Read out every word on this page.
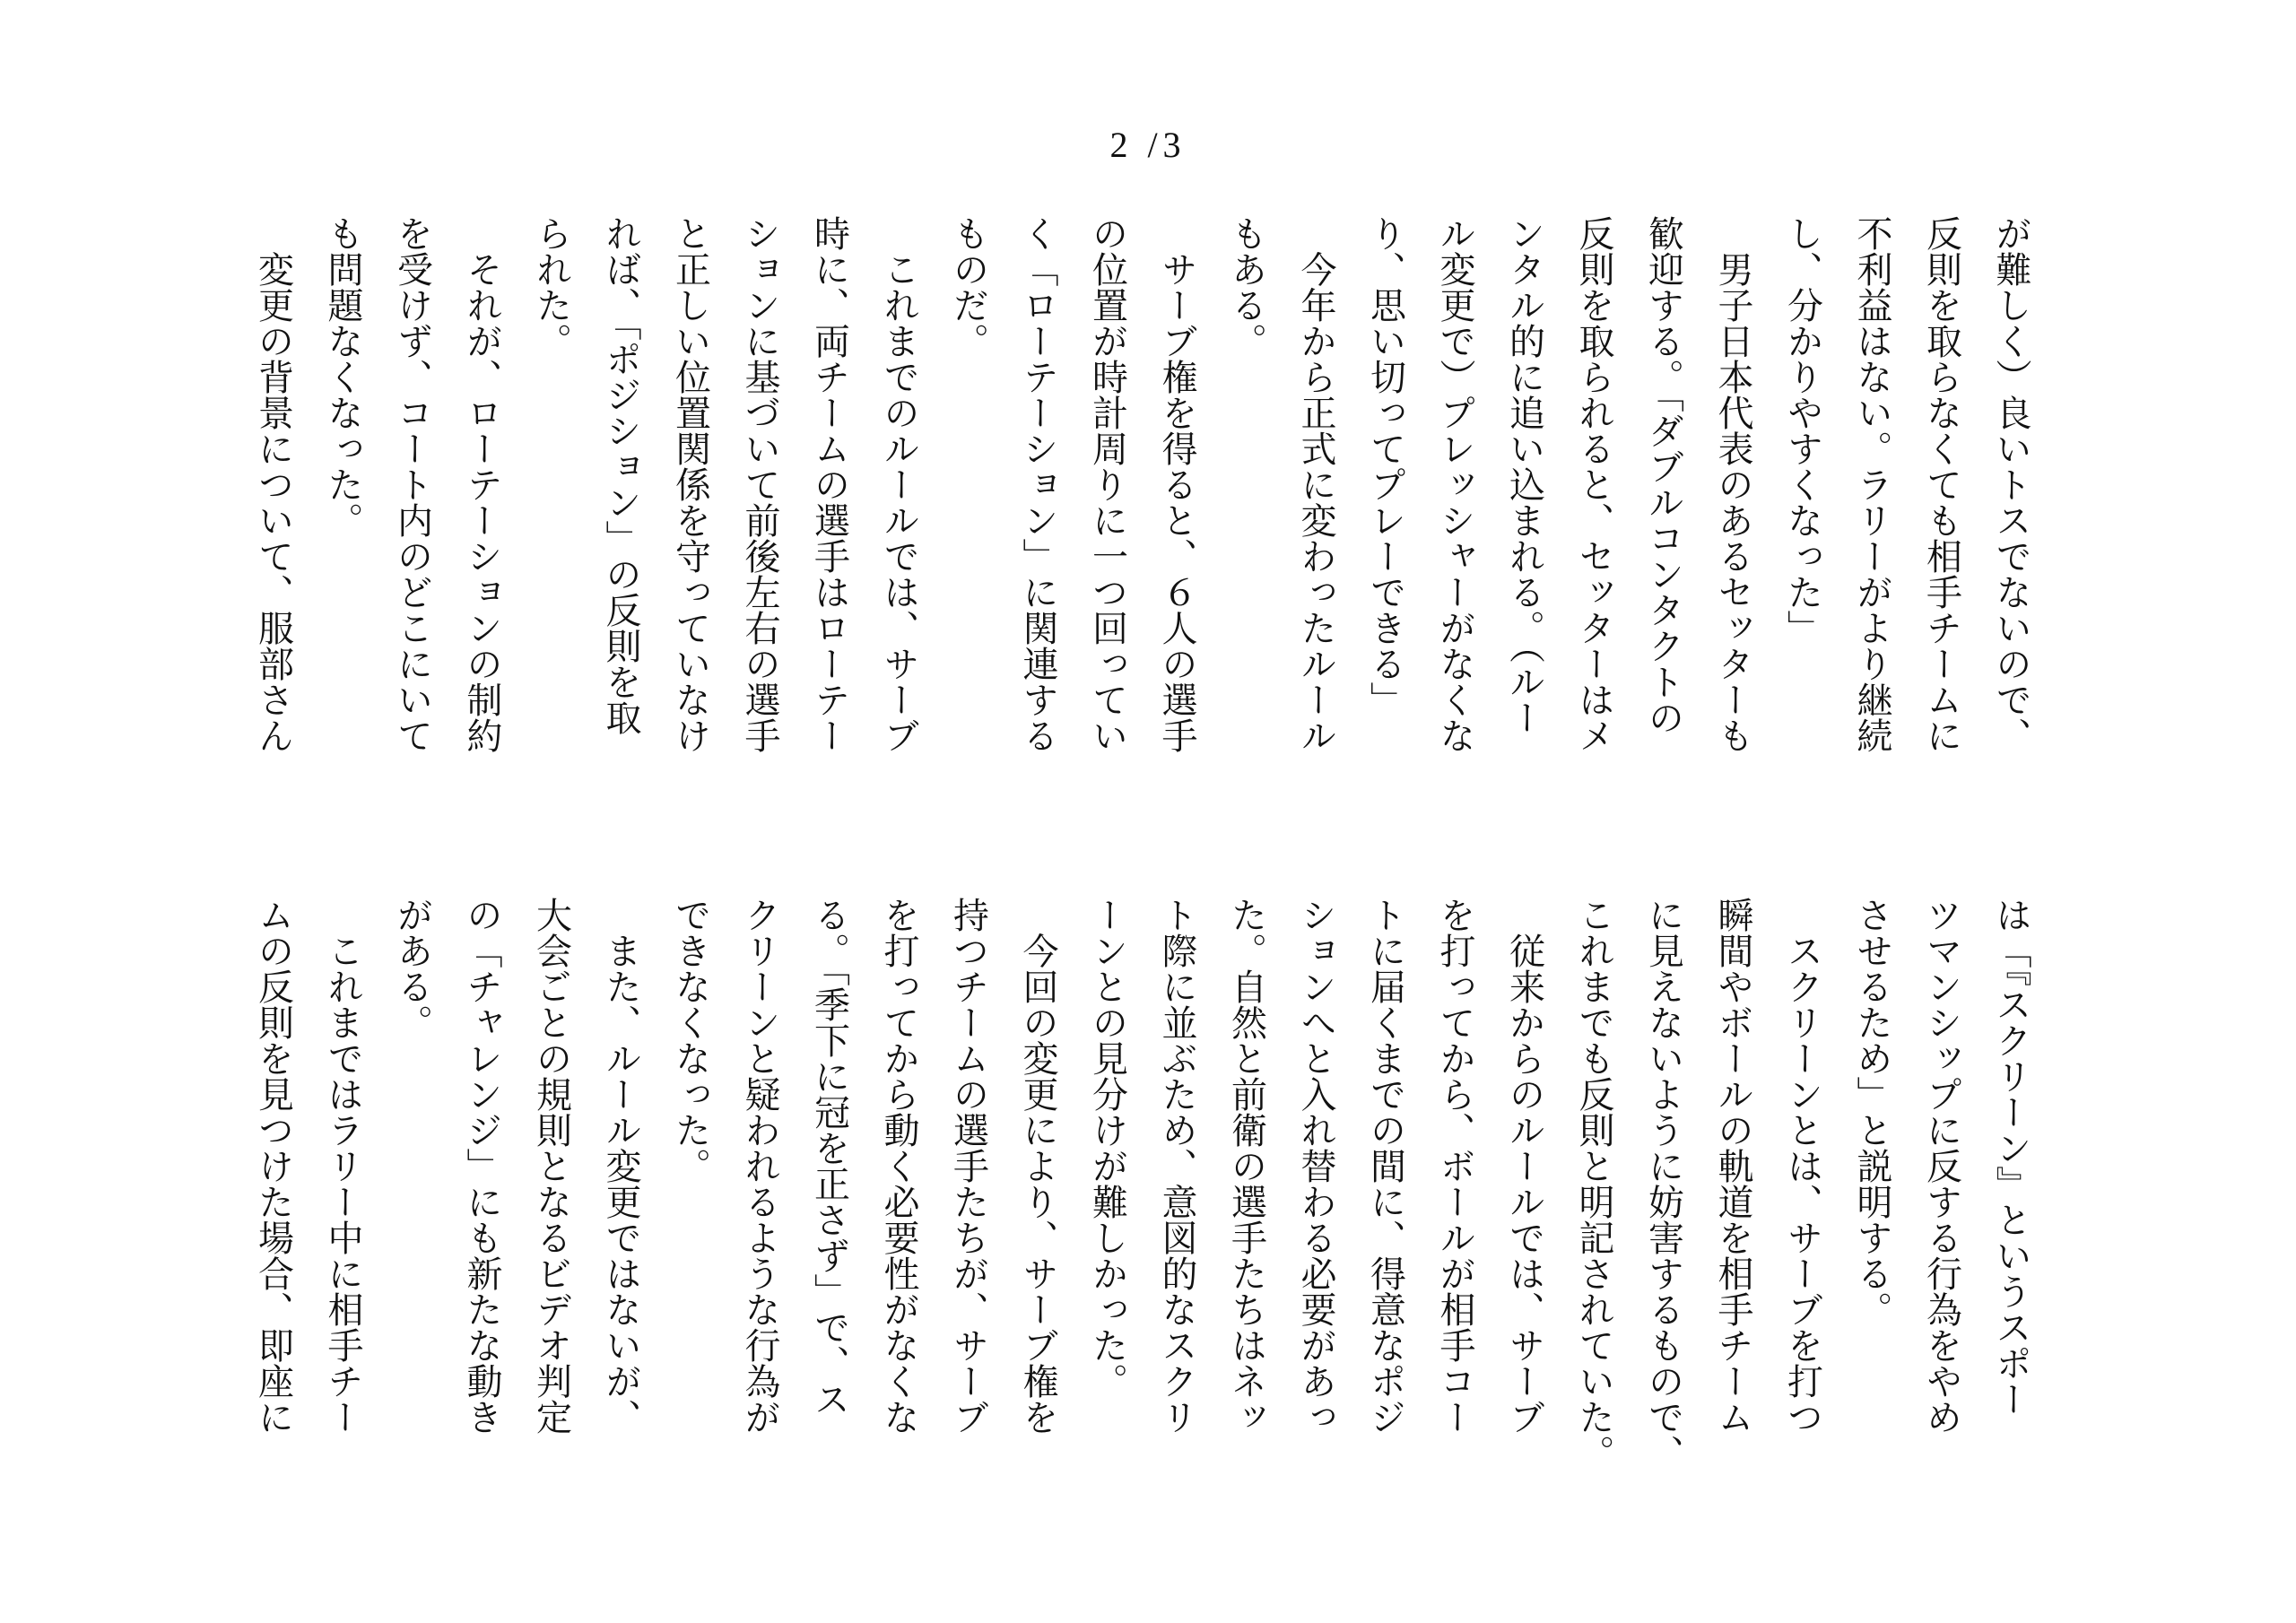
2 /3
が難しく）良いトスでないので、
反則を取らなくても相手チームに
不利益はない。ラリーがより継続
し、分かりやすくなった」
　男子日本代表のあるセッターも
歓迎する。「ダブルコンタクトの
反則を取られると、セッターはメ
ンタル的に追い込まれる。（ルー
ル変更で）プレッシャーがなくな
り、思い切ってプレーできる」
　今年から正式に変わったルール
もある。
　サーブ権を得ると、６人の選手
の位置が時計周りに一つ回ってい
く「ローテーション」に関連する
ものだ。
　これまでのルールでは、サーブ
時に、両チームの選手はローテー
ションに基づいて前後左右の選手
と正しい位置関係を守っていなけ
れば、「ポジション」の反則を取
られた。
　それが、ローテーションの制約
を受けず、コート内のどこにいて
も問題なくなった。
　変更の背景について、服部さん
は「『スクリーン』というスポー
ツマンシップに反する行為をやめ
させるため」と説明する。
　スクリーンとは、サーブを打つ
瞬間やボールの軌道を相手チーム
に見えないように妨害するもので、
これまでも反則と明記されていた。
　従来からのルールでは、サーブ
を打ってから、ボールが相手コー
トに届くまでの間に、得意なポジ
ションへと入れ替わる必要があっ
た。自然と前衛の選手たちはネッ
ト際に並ぶため、意図的なスクリ
ーンとの見分けが難しかった。
　今回の変更により、サーブ権を
持つチームの選手たちが、サーブ
を打ってから動く必要性がなくな
る。「季下に冠を正さず」で、ス
クリーンと疑われるような行為が
できなくなった。
　また、ルール変更ではないが、
大会ごとの規則となるビデオ判定
の「チャレンジ」にも新たな動き
がある。
　これまではラリー中に相手チー
ムの反則を見つけた場合、即座に
